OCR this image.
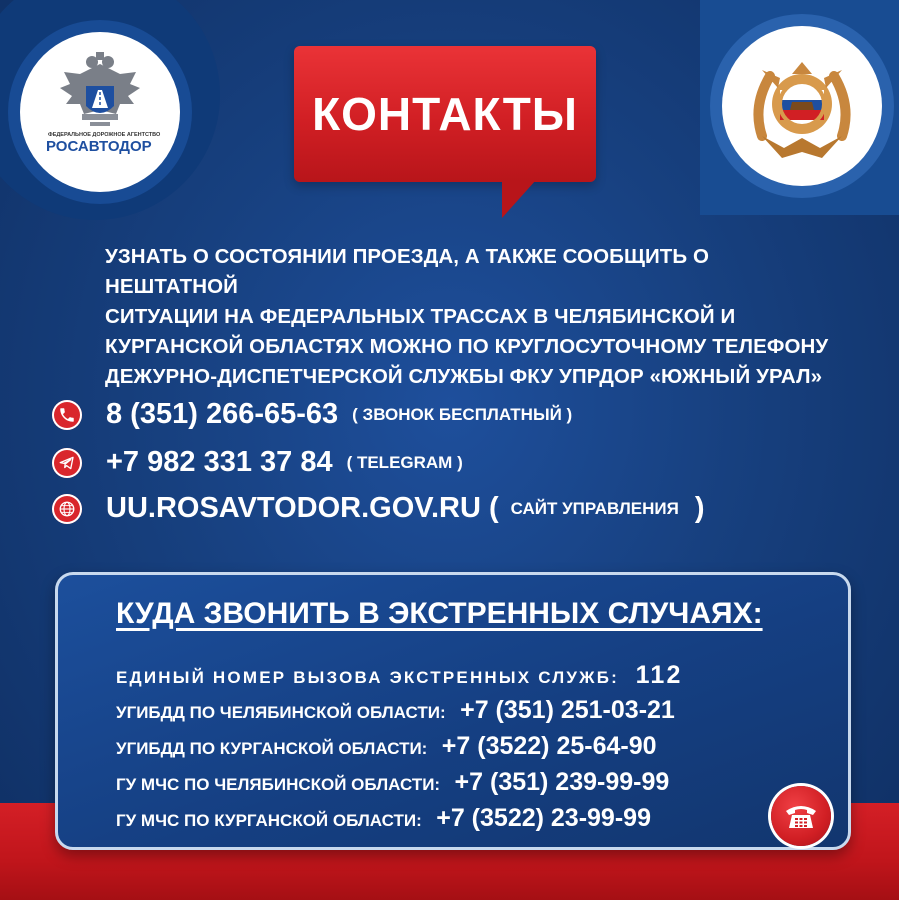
ФЕДЕРАЛЬНОЕ ДОРОЖНОЕ АГЕНТСТВО
РОСАВТОДОР
КОНТАКТЫ
УЗНАТЬ О СОСТОЯНИИ ПРОЕЗДА, А ТАКЖЕ СООБЩИТЬ О НЕШТАТНОЙ
СИТУАЦИИ НА ФЕДЕРАЛЬНЫХ ТРАССАХ В ЧЕЛЯБИНСКОЙ И
КУРГАНСКОЙ ОБЛАСТЯХ МОЖНО ПО КРУГЛОСУТОЧНОМУ ТЕЛЕФОНУ
ДЕЖУРНО-ДИСПЕТЧЕРСКОЙ СЛУЖБЫ ФКУ УПРДОР «ЮЖНЫЙ УРАЛ»
8 (351) 266-65-63 ( ЗВОНОК БЕСПЛАТНЫЙ )
+7 982 331 37 84 ( TELEGRAM )
UU.ROSAVTODOR.GOV.RU ( САЙТ УПРАВЛЕНИЯ )
КУДА ЗВОНИТЬ В ЭКСТРЕННЫХ СЛУЧАЯХ:
ЕДИНЫЙ НОМЕР ВЫЗОВА ЭКСТРЕННЫХ СЛУЖБ: 112
УГИБДД ПО ЧЕЛЯБИНСКОЙ ОБЛАСТИ: +7 (351) 251-03-21
УГИБДД ПО КУРГАНСКОЙ ОБЛАСТИ: +7 (3522) 25-64-90
ГУ МЧС ПО ЧЕЛЯБИНСКОЙ ОБЛАСТИ: +7 (351) 239-99-99
ГУ МЧС ПО КУРГАНСКОЙ ОБЛАСТИ: +7 (3522) 23-99-99
